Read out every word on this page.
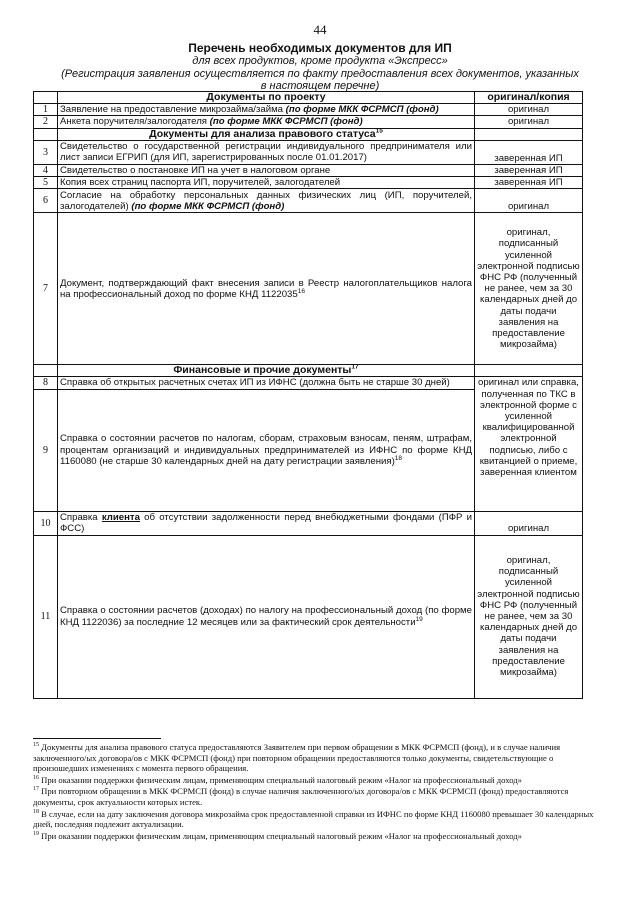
44
Перечень необходимых документов для ИП
для всех продуктов, кроме продукта «Экспресс»
(Регистрация заявления осуществляется по факту предоставления всех документов, указанных
в настоящем перечне)
	Документы по проекту	оригинал/копия
1	Заявление на предоставление микрозайма/займа (по форме МКК ФСРМСП (фонд)	оригинал
2	Анкета поручителя/залогодателя (по форме МКК ФСРМСП (фонд)	оригинал
	Документы для анализа правового статуса$^{15}$	
3	Свидетельство о государственной регистрации индивидуального предпринимателя или лист записи ЕГРИП (для ИП, зарегистрированных после 01.01.2017)	заверенная ИП
4	Свидетельство о постановке ИП на учет в налоговом органе	заверенная ИП
5	Копия всех страниц паспорта ИП, поручителей, залогодателей	заверенная ИП
6	Согласие на обработку персональных данных физических лиц (ИП, поручителей, залогодателей) (по форме МКК ФСРМСП (фонд)	оригинал
7	Документ, подтверждающий факт внесения записи в Реестр налогоплательщиков налога на профессиональный доход по форме КНД 1122035$^{16}$	оригинал, подписанный усиленной электронной подписью ФНС РФ (полученный не ранее, чем за 30 календарных дней до даты подачи заявления на предоставление микрозайма)
	Финансовые и прочие документы$^{17}$	
8	Справка об открытых расчетных счетах ИП из ИФНС (должна быть не старше 30 дней)	оригинал или справка, полученная по ТКС в электронной форме с усиленной квалифицированной электронной подписью, либо с квитанцией о приеме, заверенная клиентом
9	Справка о состоянии расчетов по налогам, сборам, страховым взносам, пеням, штрафам, процентам организаций и индивидуальных предпринимателей из ИФНС по форме КНД 1160080 (не старше 30 календарных дней на дату регистрации заявления)$^{18}$
10	Справка клиента об отсутствии задолженности перед внебюджетными фондами (ПФР и ФСС)	оригинал
11	Справка о состоянии расчетов (доходах) по налогу на профессиональный доход (по форме КНД 1122036) за последние 12 месяцев или за фактический срок деятельности$^{19}$	оригинал, подписанный усиленной электронной подписью ФНС РФ (полученный не ранее, чем за 30 календарных дней до даты подачи заявления на предоставление микрозайма)
$^{15}$ Документы для анализа правового статуса предоставляются Заявителем при первом обращении в МКК ФСРМСП (фонд), и в случае наличия заключенного/ых договора/ов с МКК ФСРМСП (фонд) при повторном обращении предоставляются только документы, свидетельствующие о произошедших изменениях с момента первого обращения.
$^{16}$ При оказании поддержки физическим лицам, применяющим специальный налоговый режим «Налог на профессиональный доход»
$^{17}$ При повторном обращении в МКК ФСРМСП (фонд) в случае наличия заключенного/ых договора/ов с МКК ФСРМСП (фонд) предоставляются документы, срок актуальности которых истек.
$^{18}$ В случае, если на дату заключения договора микрозайма срок предоставленной справки из ИФНС по форме КНД 1160080 превышает 30 календарных дней, последняя подлежит актуализации.
$^{19}$ При оказании поддержки физическим лицам, применяющим специальный налоговый режим «Налог на профессиональный доход»
